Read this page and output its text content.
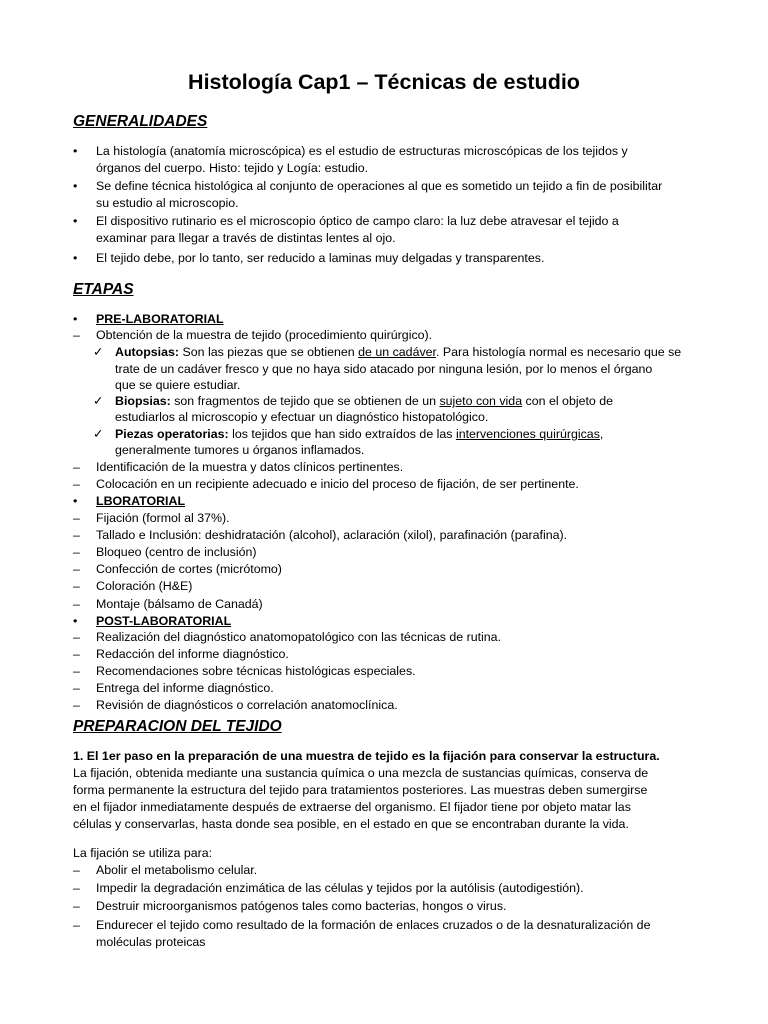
Histología Cap1 – Técnicas de estudio
GENERALIDADES
• La histología (anatomía microscópica) es el estudio de estructuras microscópicas de los tejidos y
órganos del cuerpo. Histo: tejido y Logía: estudio.
• Se define técnica histológica al conjunto de operaciones al que es sometido un tejido a fin de posibilitar
su estudio al microscopio.
• El dispositivo rutinario es el microscopio óptico de campo claro: la luz debe atravesar el tejido a
examinar para llegar a través de distintas lentes al ojo.
• El tejido debe, por lo tanto, ser reducido a laminas muy delgadas y transparentes.
ETAPAS
• PRE-LABORATORIAL
– Obtención de la muestra de tejido (procedimiento quirúrgico).
✓ Autopsias: Son las piezas que se obtienen de un cadáver. Para histología normal es necesario que se
trate de un cadáver fresco y que no haya sido atacado por ninguna lesión, por lo menos el órgano
que se quiere estudiar.
✓ Biopsias: son fragmentos de tejido que se obtienen de un sujeto con vida con el objeto de
estudiarlos al microscopio y efectuar un diagnóstico histopatológico.
✓ Piezas operatorias: los tejidos que han sido extraídos de las intervenciones quirúrgicas,
generalmente tumores u órganos inflamados.
– Identificación de la muestra y datos clínicos pertinentes.
– Colocación en un recipiente adecuado e inicio del proceso de fijación, de ser pertinente.
• LBORATORIAL
– Fijación (formol al 37%).
– Tallado e Inclusión: deshidratación (alcohol), aclaración (xilol), parafinación (parafina).
– Bloqueo (centro de inclusión)
– Confección de cortes (micrótomo)
– Coloración (H&E)
– Montaje (bálsamo de Canadá)
• POST-LABORATORIAL
– Realización del diagnóstico anatomopatológico con las técnicas de rutina.
– Redacción del informe diagnóstico.
– Recomendaciones sobre técnicas histológicas especiales.
– Entrega del informe diagnóstico.
– Revisión de diagnósticos o correlación anatomoclínica.
PREPARACION DEL TEJIDO
1. El 1er paso en la preparación de una muestra de tejido es la fijación para conservar la estructura.
La fijación, obtenida mediante una sustancia química o una mezcla de sustancias químicas, conserva de
forma permanente la estructura del tejido para tratamientos posteriores. Las muestras deben sumergirse
en el fijador inmediatamente después de extraerse del organismo. El fijador tiene por objeto matar las
células y conservarlas, hasta donde sea posible, en el estado en que se encontraban durante la vida.
La fijación se utiliza para:
– Abolir el metabolismo celular.
– Impedir la degradación enzimática de las células y tejidos por la autólisis (autodigestión).
– Destruir microorganismos patógenos tales como bacterias, hongos o virus.
– Endurecer el tejido como resultado de la formación de enlaces cruzados o de la desnaturalización de
moléculas proteicas
